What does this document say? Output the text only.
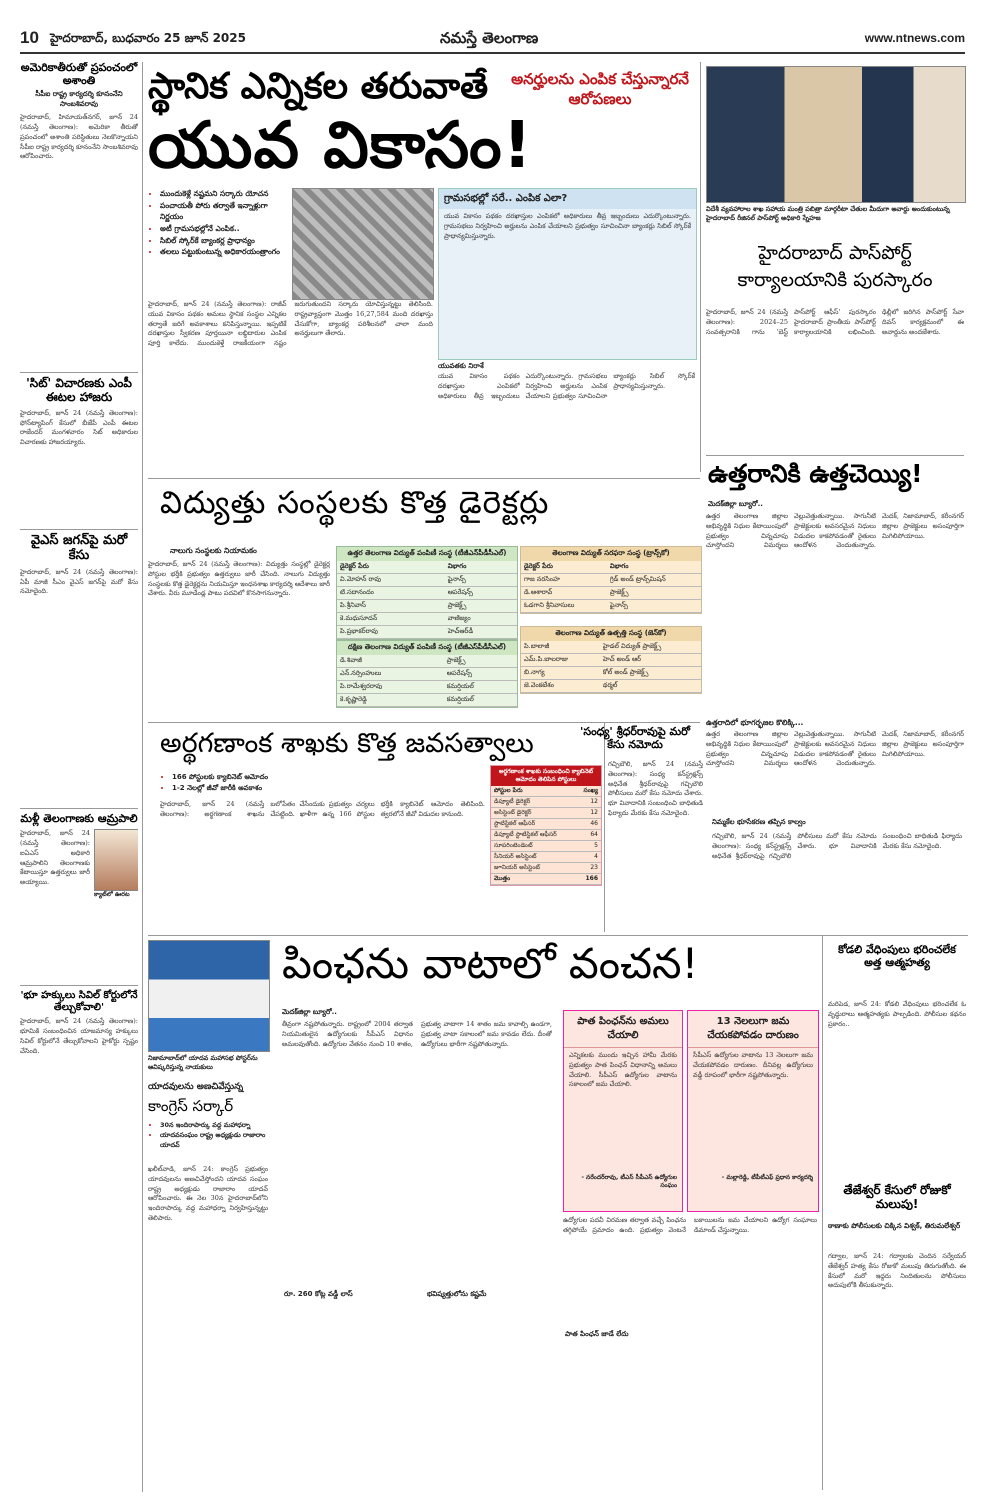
10 హైదరాబాద్, బుధవారం 25 జూన్ 2025	నమస్తే తెలంగాణ	www.ntnews.com
అమెరికాతీరుతో ప్రపంచంలో అశాంతి
సీపీఐ రాష్ట్ర కార్యదర్శి కూనంనేని సాంబశివరావు
హైదరాబాద్, హిమాయత్‌నగర్, జూన్ 24 (నమస్తే తెలంగాణ): అమెరికా తీరుతో ప్రపంచంలో అశాంతి పరిస్థితులు నెలకొన్నాయని సీపీఐ రాష్ట్ర కార్యదర్శి కూనంనేని సాంబశివరావు ఆరోపించారు.
'సిట్' విచారణకు ఎంపీ ఈటల హాజరు
హైదరాబాద్, జూన్ 24 (నమస్తే తెలంగాణ): ఫోన్‌ట్యాపింగ్ కేసులో బీజేపీ ఎంపీ ఈటల రాజేందర్ మంగళవారం సిట్ అధికారుల విచారణకు హాజరయ్యారు.
వైఎస్ జగన్‌పై మరో కేసు
హైదరాబాద్, జూన్ 24 (నమస్తే తెలంగాణ): ఏపీ మాజీ సీఎం వైఎస్ జగన్‌పై మరో కేసు నమోదైంది.
మళ్లీ తెలంగాణకు ఆమ్రపాలి
హైదరాబాద్, జూన్ 24 (నమస్తే తెలంగాణ): ఐఏఎస్ అధికారి ఆమ్రపాలిని తెలంగాణకు కేటాయిస్తూ ఉత్తర్వులు జారీ అయ్యాయి.
క్యాట్‌లో ఊరట
'భూ హక్కులు సివిల్ కోర్టులోనే తేల్చుకోవాలి'
హైదరాబాద్, జూన్ 24 (నమస్తే తెలంగాణ): భూమికి సంబంధించిన యాజమాన్య హక్కులు సివిల్ కోర్టులోనే తేల్చుకోవాలని హైకోర్టు స్పష్టం చేసింది.
స్థానిక ఎన్నికల తరువాతే
యువ వికాసం!
అనర్హులను ఎంపిక చేస్తున్నారనే ఆరోపణలు
• ముందుకెళ్లే నష్టమని సర్కారు యోచన
• పంచాయతీ పోరు తర్వాతే ఇన్నాళ్లుగా నిర్ణయం
• అటీ గ్రామసభల్లోనే ఎంపిక..
• సిబిల్ స్కోర్‌కే బ్యాంకర్ల ప్రాధాన్యం
• తలలు పట్టుకుంటున్న అధికారయంత్రాంగం
గ్రామసభల్లో సరే.. ఎంపిక ఎలా?
యువ వికాసం పథకం దరఖాస్తుల ఎంపికలో అధికారులు తీవ్ర ఇబ్బందులు ఎదుర్కొంటున్నారు. గ్రామసభలు నిర్వహించి అర్హులను ఎంపిక చేయాలని ప్రభుత్వం సూచించినా బ్యాంకర్లు సిబిల్ స్కోర్‌కే ప్రాధాన్యమిస్తున్నారు.
హైదరాబాద్, జూన్ 24 (నమస్తే తెలంగాణ): రాజీవ్ యువ వికాసం పథకం అమలు స్థానిక సంస్థల ఎన్నికల తర్వాతే జరిగే అవకాశాలు కనిపిస్తున్నాయి. ఇప్పటికే దరఖాస్తుల స్వీకరణ పూర్తయినా లబ్ధిదారుల ఎంపిక పూర్తి కాలేదు. ముందుకెళ్తే రాజకీయంగా నష్టం జరుగుతుందని సర్కారు యోచిస్తున్నట్టు తెలిసింది. రాష్ట్రవ్యాప్తంగా మొత్తం 16,27,584 మంది దరఖాస్తు చేసుకోగా, బ్యాంకర్ల పరిశీలనలో చాలా మంది అనర్హులుగా తేలారు.
యువతకు నిరాశే
యువ వికాసం పథకం దరఖాస్తుల ఎంపికలో అధికారులు తీవ్ర ఇబ్బందులు ఎదుర్కొంటున్నారు. గ్రామసభలు నిర్వహించి అర్హులను ఎంపిక చేయాలని ప్రభుత్వం సూచించినా బ్యాంకర్లు సిబిల్ స్కోర్‌కే ప్రాధాన్యమిస్తున్నారు.
విదేశీ వ్యవహారాల శాఖ సహాయ మంత్రి పబిత్రా మార్గరీటా చేతుల మీదుగా అవార్డు అందుకుంటున్న హైదరాబాద్ రీజినల్ పాస్‌పోర్ట్ అధికారి స్నేహజ
హైదరాబాద్ పాస్‌పోర్ట్ కార్యాలయానికి పురస్కారం
హైదరాబాద్, జూన్ 24 (నమస్తే తెలంగాణ): 2024–25 సంవత్సరానికి గాను 'బెస్ట్ పాస్‌పోర్ట్ ఆఫీస్' పురస్కారం హైదరాబాద్ ప్రాంతీయ పాస్‌పోర్ట్ కార్యాలయానికి లభించింది. ఢిల్లీలో జరిగిన పాస్‌పోర్ట్ సేవా దివస్ కార్యక్రమంలో ఈ అవార్డును అందజేశారు.
ఉత్తరానికి ఉత్తచెయ్యి!
మెదక్‌జిల్లా బ్యూరో..
ఉత్తర తెలంగాణ జిల్లాల అభివృద్ధికి నిధుల కేటాయింపులో ప్రభుత్వం చిన్నచూపు చూస్తోందని విమర్శలు వెల్లువెత్తుతున్నాయి. సాగునీటి ప్రాజెక్టులకు అవసరమైన నిధులు విడుదల కాకపోవడంతో రైతులు ఆందోళన చెందుతున్నారు. మెదక్, నిజామాబాద్, కరీంనగర్ జిల్లాల ప్రాజెక్టులు అసంపూర్తిగా మిగిలిపోయాయి.
ఉత్తరాదిలో భూగర్భజల కొలిక్కి...
ఉత్తర తెలంగాణ జిల్లాల అభివృద్ధికి నిధుల కేటాయింపులో ప్రభుత్వం చిన్నచూపు చూస్తోందని విమర్శలు వెల్లువెత్తుతున్నాయి. సాగునీటి ప్రాజెక్టులకు అవసరమైన నిధులు విడుదల కాకపోవడంతో రైతులు ఆందోళన చెందుతున్నారు. మెదక్, నిజామాబాద్, కరీంనగర్ జిల్లాల ప్రాజెక్టులు అసంపూర్తిగా మిగిలిపోయాయి.
విద్యుత్తు సంస్థలకు కొత్త డైరెక్టర్లు
నాలుగు సంస్థలకు నియామకం
హైదరాబాద్, జూన్ 24 (నమస్తే తెలంగాణ): విద్యుత్తు సంస్థల్లో డైరెక్టర్ల పోస్టుల భర్తీకి ప్రభుత్వం ఉత్తర్వులు జారీ చేసింది. నాలుగు విద్యుత్తు సంస్థలకు కొత్త డైరెక్టర్లను నియమిస్తూ ఇంధనశాఖ కార్యదర్శి ఆదేశాలు జారీ చేశారు. వీరు మూడేండ్ల పాటు పదవిలో కొనసాగనున్నారు.
ఉత్తర తెలంగాణ విద్యుత్ పంపిణీ సంస్థ (టీజీఎన్‌పీడీసీఎల్)
డైరెక్టర్ పేరు	విభాగం
వి.మోహన్ రావు	ఫైనాన్స్
టి.సదానందం	ఆపరేషన్స్
పి.శ్రీనివాస్	ప్రాజెక్ట్స్
కె.మధుసూదన్	వాణిజ్యం
పి.ప్రభాకర్‌రావు	హెచ్‌ఆర్‌డీ
దక్షిణ తెలంగాణ విద్యుత్ పంపిణీ సంస్థ (టీజీఎస్‌పీడీసీఎల్)
డి.శివాజీ	ప్రాజెక్ట్స్
ఎన్.నర్సింహులు	ఆపరేషన్స్
పి.రామేశ్వరరావు	కమర్షియల్
కె.కృష్ణారెడ్డి	కమర్షియల్
తెలంగాణ విద్యుత్ సరఫరా సంస్థ (ట్రాన్స్‌కో)
డైరెక్టర్ పేరు	విభాగం
గాజ నరసింహ	గ్రిడ్ అండ్ ట్రాన్స్‌మిషన్
డి.ఆశారావ్	ప్రాజెక్ట్స్
ఓడగాని శ్రీనివాసులు	ఫైనాన్స్
తెలంగాణ విద్యుత్ ఉత్పత్తి సంస్థ (జెన్‌కో)
పి.బాలాజీ	హైడల్ విద్యుత్ ప్రాజెక్ట్స్
ఎమ్.పి.బాలరాజు	హెచ్ అండ్ ఆర్
బి.నాగ్య	కోల్ అండ్ ప్రాజెక్ట్స్
జె.వెంకటేశం	థర్మల్
అర్థగణాంక శాఖకు కొత్త జవసత్వాలు
• 166 పోస్టులకు క్యాబినెట్ ఆమోదం
• 1-2 నెలల్లో జీవో జారీకి అవకాశం
హైదరాబాద్, జూన్ 24 (నమస్తే తెలంగాణ): అర్థగణాంక శాఖను బలోపేతం చేసేందుకు ప్రభుత్వం చర్యలు చేపట్టింది. ఖాళీగా ఉన్న 166 పోస్టుల భర్తీకి క్యాబినెట్ ఆమోదం తెలిపింది. త్వరలోనే జీవో విడుదల కానుంది.
అర్థగణాంక శాఖకు సంబంధించి క్యాబినెట్ ఆమోదం తెలిపిన పోస్టులు
పోస్టుల పేరు	సంఖ్య
డిప్యూటీ డైరెక్టర్	12
అసిస్టెంట్ డైరెక్టర్	12
స్టాటిస్టికల్ ఆఫీసర్	46
డిప్యూటీ స్టాటిస్టికల్ ఆఫీసర్	64
సూపరింటెండెంట్	5
సీనియర్ అసిస్టెంట్	4
జూనియర్ అసిస్టెంట్	23
మొత్తం	166
'సంధ్య' శ్రీధర్‌రావుపై మరో కేసు నమోదు
గచ్చిబౌలి, జూన్ 24 (నమస్తే తెలంగాణ): సంధ్య కన్‌స్ట్రక్షన్స్ అధినేత శ్రీధర్‌రావుపై గచ్చిబౌలి పోలీసులు మరో కేసు నమోదు చేశారు. భూ వివాదానికి సంబంధించి బాధితుడి ఫిర్యాదు మేరకు కేసు నమోదైంది.
నిమ్మకేల భూసేకరణ తప్పిన కాల్వం
గచ్చిబౌలి, జూన్ 24 (నమస్తే తెలంగాణ): సంధ్య కన్‌స్ట్రక్షన్స్ అధినేత శ్రీధర్‌రావుపై గచ్చిబౌలి పోలీసులు మరో కేసు నమోదు చేశారు. భూ వివాదానికి సంబంధించి బాధితుడి ఫిర్యాదు మేరకు కేసు నమోదైంది.
నిజామాబాద్‌లో యాదవ మహాసభ పోస్టర్‌ను ఆవిష్కరిస్తున్న నాయకులు
యాదవులను అణచివేస్తున్న
కాంగ్రెస్ సర్కార్
• 30న ఇందిరాపార్కు వద్ద మహాధర్నా
• యాదవసంఘం రాష్ట్ర అధ్యక్షుడు రాజారాం యాదవ్
ఖలీల్‌వాడి, జూన్ 24: కాంగ్రెస్ ప్రభుత్వం యాదవులను అణచివేస్తోందని యాదవ సంఘం రాష్ట్ర అధ్యక్షుడు రాజారాం యాదవ్ ఆరోపించారు. ఈ నెల 30న హైదరాబాద్‌లోని ఇందిరాపార్కు వద్ద మహాధర్నా నిర్వహిస్తున్నట్టు తెలిపారు.
పింఛను వాటాలో వంచన!
మెదక్‌జిల్లా బ్యూరో..
తీవ్రంగా నష్టపోతున్నారు. రాష్ట్రంలో 2004 తర్వాత నియమితులైన ఉద్యోగులకు సీపీఎస్ విధానం అమలవుతోంది. ఉద్యోగుల వేతనం నుంచి 10 శాతం, ప్రభుత్వ వాటాగా 14 శాతం జమ కావాల్సి ఉండగా, ప్రభుత్వ వాటా సకాలంలో జమ కావడం లేదు. దీంతో ఉద్యోగులు భారీగా నష్టపోతున్నారు.
పాత పింఛన్‌ను అమలు చేయాలి
ఎన్నికలకు ముందు ఇచ్చిన హామీ మేరకు ప్రభుత్వం పాత పింఛన్ విధానాన్ని అమలు చేయాలి. సీపీఎస్ ఉద్యోగుల వాటాను సకాలంలో జమ చేయాలి.
- నరేందర్‌రావు, టీఎస్ సీపీఎస్ ఉద్యోగుల సంఘం
13 నెలలుగా జమ చేయకపోవడం దారుణం
సీపీఎస్ ఉద్యోగుల వాటాను 13 నెలలుగా జమ చేయకపోవడం దారుణం. దీనివల్ల ఉద్యోగులు వడ్డీ రూపంలో భారీగా నష్టపోతున్నారు.
- మల్లారెడ్డి, టీపీటీఎఫ్ ప్రధాన కార్యదర్శి
ఉద్యోగుల పదవీ విరమణ తర్వాత వచ్చే పింఛను తగ్గిపోయే ప్రమాదం ఉంది. ప్రభుత్వం వెంటనే బకాయిలను జమ చేయాలని ఉద్యోగ సంఘాలు డిమాండ్ చేస్తున్నాయి.
రూ. 260 కోట్ల వడ్డీ లాస్	భవిష్యత్తులోను కష్టమే
పాత పింఛన్ జాడే లేదు
కోడలి వేధింపులు భరించలేక అత్త ఆత్మహత్య
మరిపెడ, జూన్ 24: కోడలి వేధింపులు భరించలేక ఓ వృద్ధురాలు ఆత్మహత్యకు పాల్పడింది. పోలీసుల కథనం ప్రకారం..
తేజేశ్వర్ కేసులో రోజుకో మలుపు!
ఠాణాకు పోలీసులకు చిక్కిన విశ్వక్, తిరుమలేశ్వర్
గద్వాల, జూన్ 24: గద్వాలకు చెందిన సర్వేయర్ తేజేశ్వర్ హత్య కేసు రోజుకో మలుపు తిరుగుతోంది. ఈ కేసులో మరో ఇద్దరు నిందితులను పోలీసులు అదుపులోకి తీసుకున్నారు.
